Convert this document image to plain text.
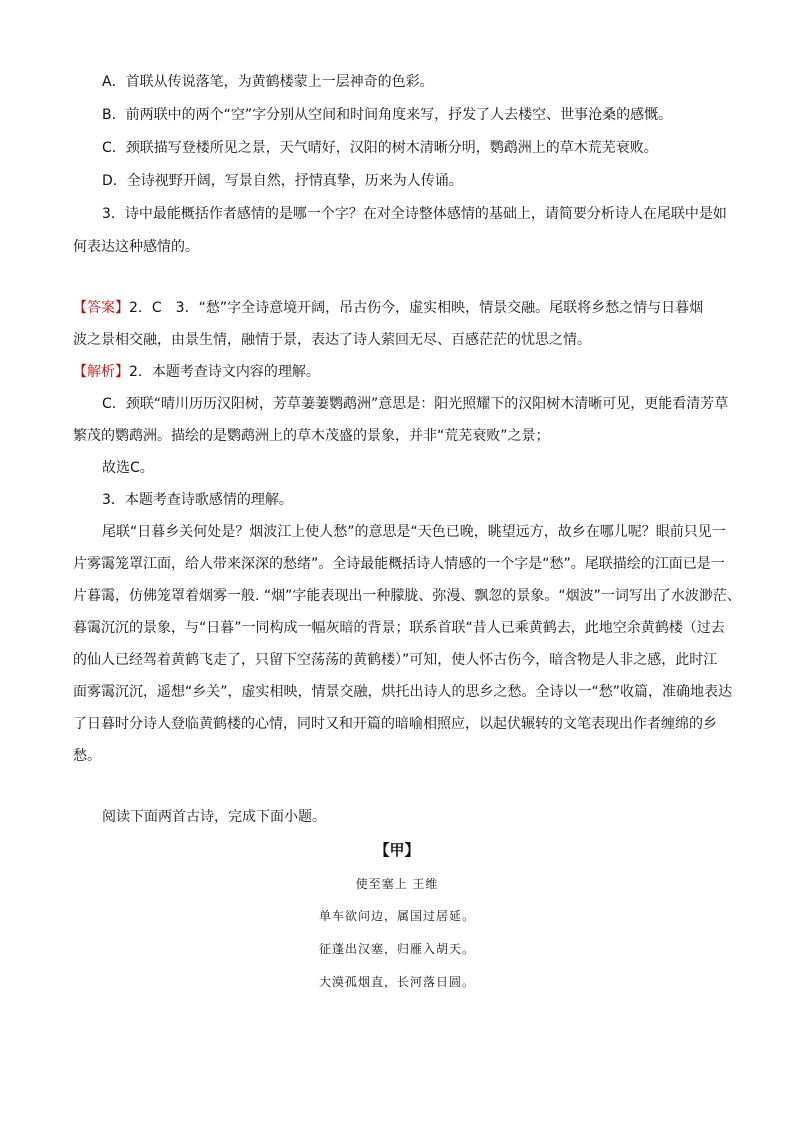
A．首联从传说落笔，为黄鹤楼蒙上一层神奇的色彩。
B．前两联中的两个“空”字分别从空间和时间角度来写，抒发了人去楼空、世事沧桑的感慨。
C．颈联描写登楼所见之景，天气晴好，汉阳的树木清晰分明，鹦鹉洲上的草木荒芜衰败。
D．全诗视野开阔，写景自然，抒情真挚，历来为人传诵。
3．诗中最能概括作者感情的是哪一个字？在对全诗整体感情的基础上，请简要分析诗人在尾联中是如
何表达这种感情的。
【答案】2．C　3．“愁”字全诗意境开阔，吊古伤今，虚实相映，情景交融。尾联将乡愁之情与日暮烟
波之景相交融，由景生情，融情于景，表达了诗人萦回无尽、百感茫茫的忧思之情。
【解析】2．本题考查诗文内容的理解。
C．颈联“晴川历历汉阳树，芳草萋萋鹦鹉洲”意思是：阳光照耀下的汉阳树木清晰可见，更能看清芳草
繁茂的鹦鹉洲。描绘的是鹦鹉洲上的草木茂盛的景象，并非“荒芜衰败”之景；
故选C。
3．本题考查诗歌感情的理解。
尾联“日暮乡关何处是？烟波江上使人愁”的意思是“天色已晚，眺望远方，故乡在哪儿呢？眼前只见一
片雾霭笼罩江面，给人带来深深的愁绪”。全诗最能概括诗人情感的一个字是“愁”。尾联描绘的江面已是一
片暮霭，仿佛笼罩着烟雾一般. “烟”字能表现出一种朦胧、弥漫、飘忽的景象。“烟波”一词写出了水波渺茫、
暮霭沉沉的景象，与“日暮”一同构成一幅灰暗的背景；联系首联“昔人已乘黄鹤去，此地空余黄鹤楼（过去
的仙人已经驾着黄鹤飞走了，只留下空荡荡的黄鹤楼）”可知，使人怀古伤今，暗含物是人非之感，此时江
面雾霭沉沉，遥想“乡关”，虚实相映，情景交融，烘托出诗人的思乡之愁。全诗以一“愁”收篇，准确地表达
了日暮时分诗人登临黄鹤楼的心情，同时又和开篇的暗喻相照应，以起伏辗转的文笔表现出作者缠绵的乡
愁。
阅读下面两首古诗，完成下面小题。
【甲】
使至塞上 王维
单车欲问边，属国过居延。
征蓬出汉塞，归雁入胡天。
大漠孤烟直，长河落日圆。
